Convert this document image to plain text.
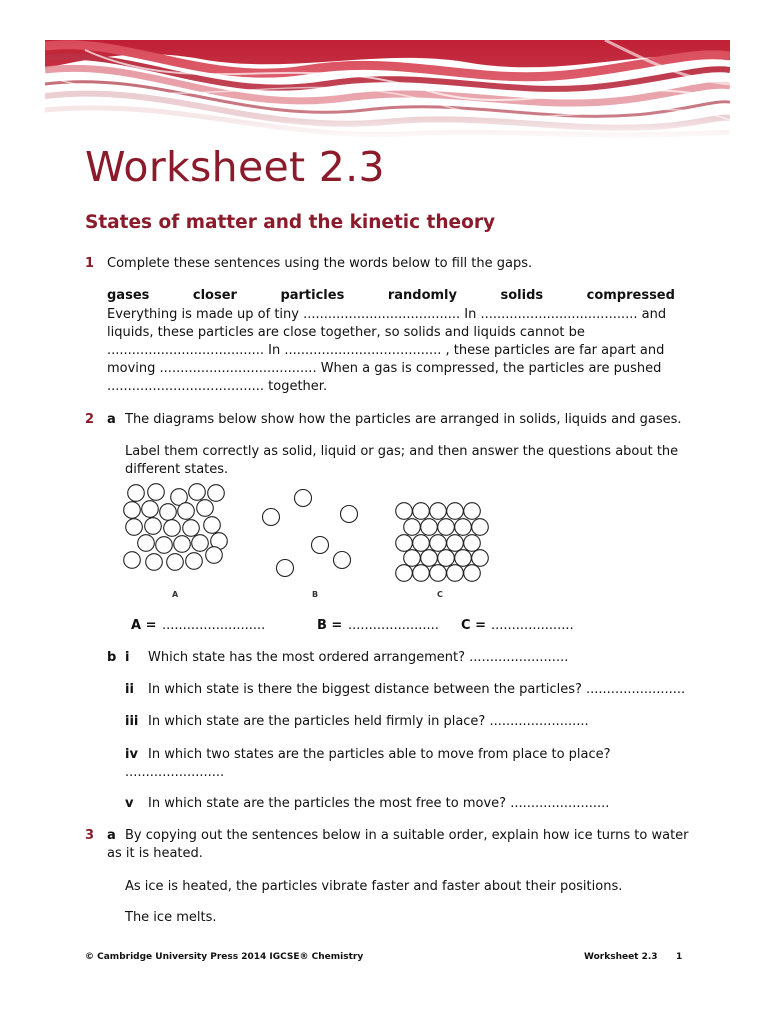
Worksheet 2.3
States of matter and the kinetic theory
1 Complete these sentences using the words below to fill the gaps.
gases	closer	particles	randomly	solids	compressed
Everything is made up of tiny ...................................... In ...................................... and
liquids, these particles are close together, so solids and liquids cannot be
...................................... In ...................................... , these particles are far apart and
moving ...................................... When a gas is compressed, the particles are pushed
...................................... together.
2 a The diagrams below show how the particles are arranged in solids, liquids and gases.
Label them correctly as solid, liquid or gas; and then answer the questions about the
different states.
A	B	C
A = .........................	B = ...................... C = ....................
b i Which state has the most ordered arrangement? ........................
ii In which state is there the biggest distance between the particles? ........................
iii In which state are the particles held firmly in place? ........................
iv In which two states are the particles able to move from place to place?
........................
v In which state are the particles the most free to move? ........................
3 a By copying out the sentences below in a suitable order, explain how ice turns to water
as it is heated.
As ice is heated, the particles vibrate faster and faster about their positions.
The ice melts.
© Cambridge University Press 2014 IGCSE® Chemistry	Worksheet 2.3 1
